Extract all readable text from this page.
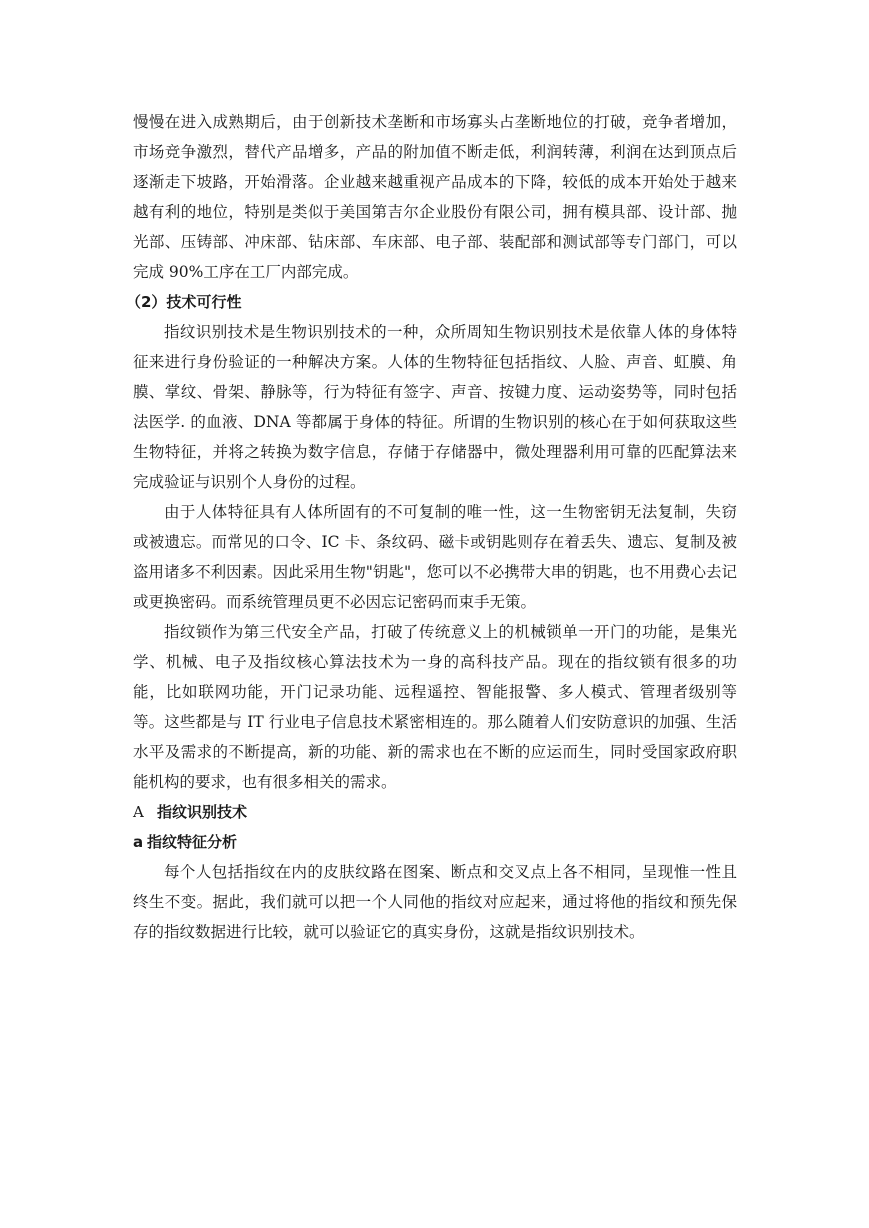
慢慢在进入成熟期后，由于创新技术垄断和市场寡头占垄断地位的打破，竞争者增加，市场竞争激烈，替代产品增多，产品的附加值不断走低，利润转薄，利润在达到顶点后逐渐走下坡路，开始滑落。企业越来越重视产品成本的下降，较低的成本开始处于越来越有利的地位，特别是类似于美国第吉尔企业股份有限公司，拥有模具部、设计部、抛光部、压铸部、冲床部、钻床部、车床部、电子部、装配部和测试部等专门部门，可以完成 90%工序在工厂内部完成。

（2）技术可行性

指纹识别技术是生物识别技术的一种，众所周知生物识别技术是依靠人体的身体特征来进行身份验证的一种解决方案。人体的生物特征包括指纹、人脸、声音、虹膜、角膜、掌纹、骨架、静脉等，行为特征有签字、声音、按键力度、运动姿势等，同时包括法医学. 的血液、DNA 等都属于身体的特征。所谓的生物识别的核心在于如何获取这些生物特征，并将之转换为数字信息，存储于存储器中，微处理器利用可靠的匹配算法来完成验证与识别个人身份的过程。

由于人体特征具有人体所固有的不可复制的唯一性，这一生物密钥无法复制，失窃或被遗忘。而常见的口令、IC 卡、条纹码、磁卡或钥匙则存在着丢失、遗忘、复制及被盗用诸多不利因素。因此采用生物"钥匙"，您可以不必携带大串的钥匙，也不用费心去记或更换密码。而系统管理员更不必因忘记密码而束手无策。

指纹锁作为第三代安全产品，打破了传统意义上的机械锁单一开门的功能，是集光学、机械、电子及指纹核心算法技术为一身的高科技产品。现在的指纹锁有很多的功能，比如联网功能，开门记录功能、远程遥控、智能报警、多人模式、管理者级别等等。这些都是与 IT 行业电子信息技术紧密相连的。那么随着人们安防意识的加强、生活水平及需求的不断提高，新的功能、新的需求也在不断的应运而生，同时受国家政府职能机构的要求，也有很多相关的需求。

A 指纹识别技术
a 指纹特征分析

每个人包括指纹在内的皮肤纹路在图案、断点和交叉点上各不相同，呈现惟一性且终生不变。据此，我们就可以把一个人同他的指纹对应起来，通过将他的指纹和预先保存的指纹数据进行比较，就可以验证它的真实身份，这就是指纹识别技术。
